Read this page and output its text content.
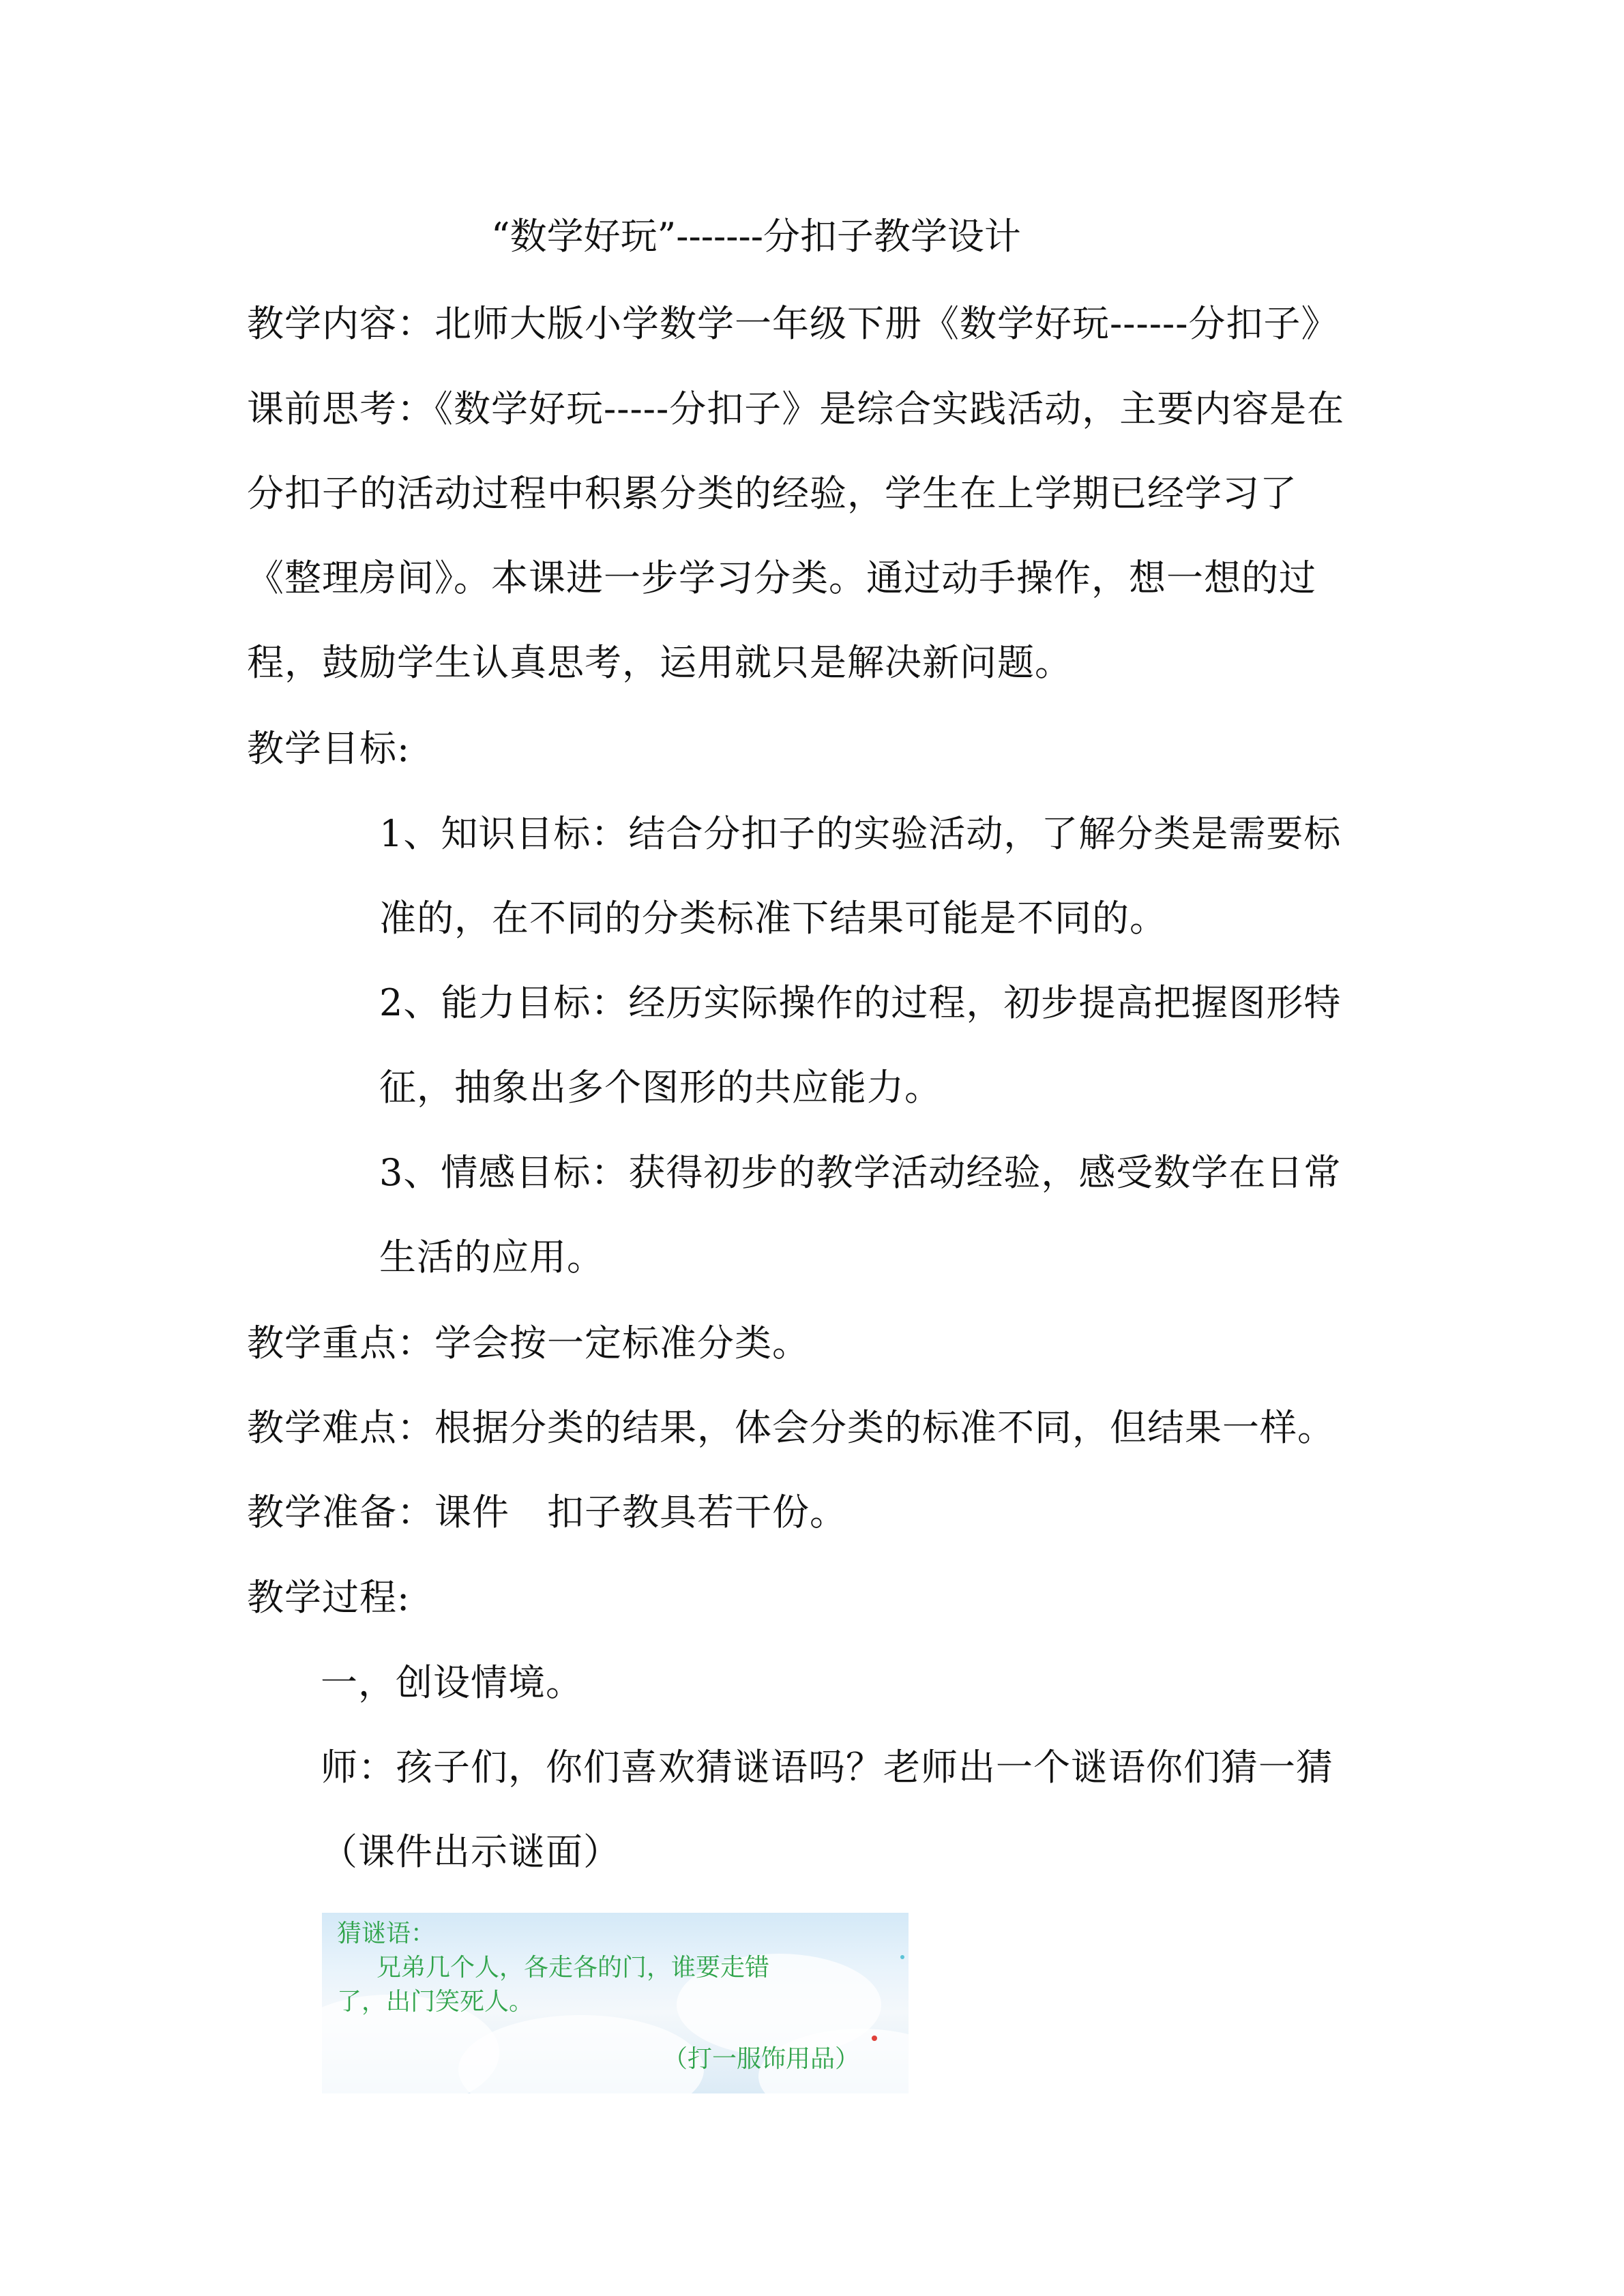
“数学好玩”-------分扣子教学设计
教学内容：北师大版小学数学一年级下册《数学好玩------分扣子》
课前思考：《数学好玩-----分扣子》是综合实践活动，主要内容是在
分扣子的活动过程中积累分类的经验，学生在上学期已经学习了
《整理房间》。本课进一步学习分类。通过动手操作，想一想的过
程，鼓励学生认真思考，运用就只是解决新问题。
教学目标:
1、知识目标：结合分扣子的实验活动，了解分类是需要标
准的，在不同的分类标准下结果可能是不同的。
2、能力目标：经历实际操作的过程，初步提高把握图形特
征，抽象出多个图形的共应能力。
3、情感目标：获得初步的教学活动经验，感受数学在日常
生活的应用。
教学重点：学会按一定标准分类。
教学难点：根据分类的结果，体会分类的标准不同，但结果一样。
教学准备：课件　扣子教具若干份。
教学过程:
一，创设情境。
师：孩子们，你们喜欢猜谜语吗？老师出一个谜语你们猜一猜
（课件出示谜面）
猜谜语：
兄弟几个人，各走各的门，谁要走错
了，出门笑死人。
（打一服饰用品）
